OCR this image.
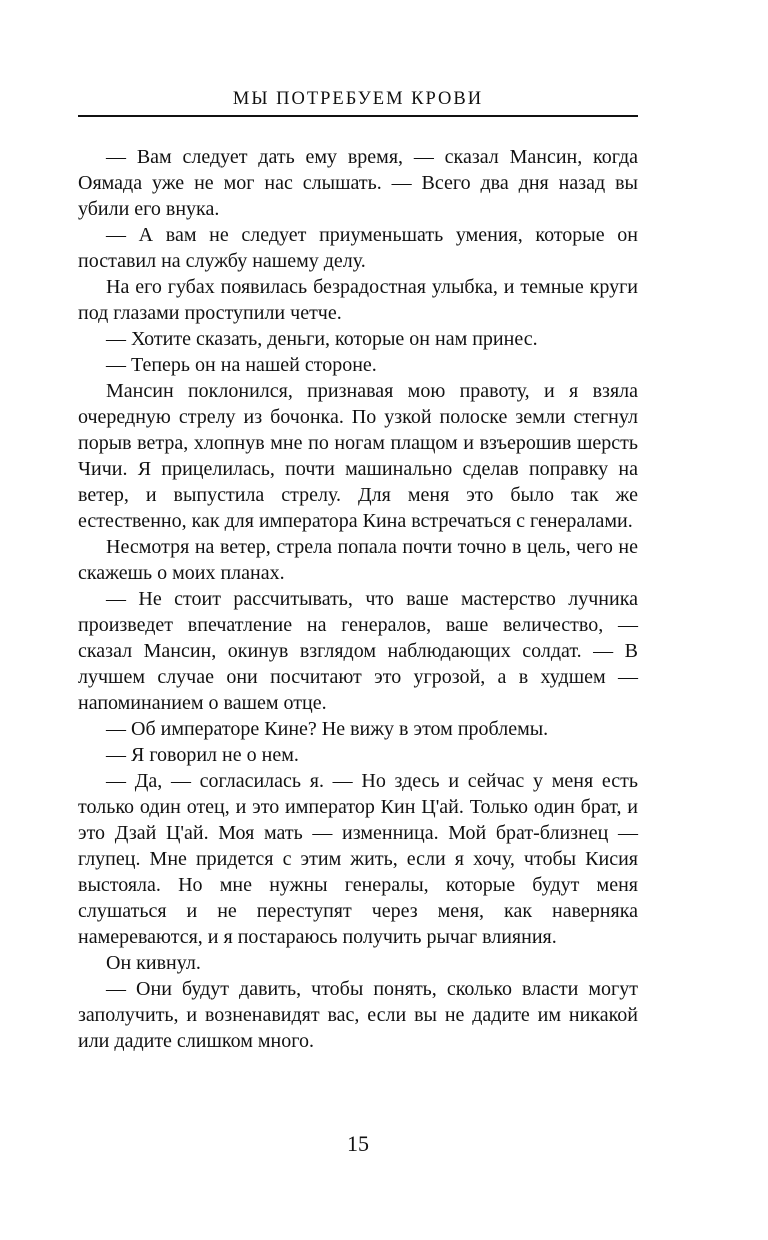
МЫ ПОТРЕБУЕМ КРОВИ

— Вам следует дать ему время, — сказал Мансин, когда Оямада уже не мог нас слышать. — Всего два дня назад вы убили его внука.

— А вам не следует приуменьшать умения, которые он поставил на службу нашему делу.

На его губах появилась безрадостная улыбка, и темные круги под глазами проступили четче.

— Хотите сказать, деньги, которые он нам принес.

— Теперь он на нашей стороне.

Мансин поклонился, признавая мою правоту, и я взяла очередную стрелу из бочонка. По узкой полоске земли стегнул порыв ветра, хлопнув мне по ногам плащом и взъерошив шерсть Чичи. Я прицелилась, почти машинально сделав поправку на ветер, и выпустила стрелу. Для меня это было так же естественно, как для императора Кина встречаться с генералами.

Несмотря на ветер, стрела попала почти точно в цель, чего не скажешь о моих планах.

— Не стоит рассчитывать, что ваше мастерство лучника произведет впечатление на генералов, ваше величество, — сказал Мансин, окинув взглядом наблюдающих солдат. — В лучшем случае они посчитают это угрозой, а в худшем — напоминанием о вашем отце.

— Об императоре Кине? Не вижу в этом проблемы.

— Я говорил не о нем.

— Да, — согласилась я. — Но здесь и сейчас у меня есть только один отец, и это император Кин Ц'ай. Только один брат, и это Дзай Ц'ай. Моя мать — изменница. Мой брат-близнец — глупец. Мне придется с этим жить, если я хочу, чтобы Кисия выстояла. Но мне нужны генералы, которые будут меня слушаться и не переступят через меня, как наверняка намереваются, и я постараюсь получить рычаг влияния.

Он кивнул.

— Они будут давить, чтобы понять, сколько власти могут заполучить, и возненавидят вас, если вы не дадите им никакой или дадите слишком много.

15
